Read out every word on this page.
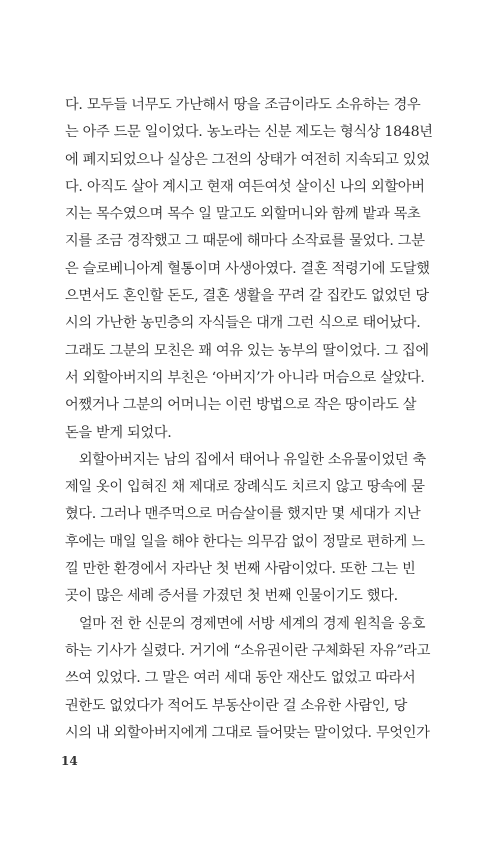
다. 모두들 너무도 가난해서 땅을 조금이라도 소유하는 경우
는 아주 드문 일이었다. 농노라는 신분 제도는 형식상 1848년
에 폐지되었으나 실상은 그전의 상태가 여전히 지속되고 있었
다. 아직도 살아 계시고 현재 여든여섯 살이신 나의 외할아버
지는 목수였으며 목수 일 말고도 외할머니와 함께 밭과 목초
지를 조금 경작했고 그 때문에 해마다 소작료를 물었다. 그분
은 슬로베니아계 혈통이며 사생아였다. 결혼 적령기에 도달했
으면서도 혼인할 돈도, 결혼 생활을 꾸려 갈 집칸도 없었던 당
시의 가난한 농민층의 자식들은 대개 그런 식으로 태어났다.
그래도 그분의 모친은 꽤 여유 있는 농부의 딸이었다. 그 집에
서 외할아버지의 부친은 ‘아버지’가 아니라 머슴으로 살았다.
어쨌거나 그분의 어머니는 이런 방법으로 작은 땅이라도 살
돈을 받게 되었다.
　외할아버지는 남의 집에서 태어나 유일한 소유물이었던 축
제일 옷이 입혀진 채 제대로 장례식도 치르지 않고 땅속에 묻
혔다. 그러나 맨주먹으로 머슴살이를 했지만 몇 세대가 지난
후에는 매일 일을 해야 한다는 의무감 없이 정말로 편하게 느
낄 만한 환경에서 자라난 첫 번째 사람이었다. 또한 그는 빈
곳이 많은 세례 증서를 가졌던 첫 번째 인물이기도 했다.
　얼마 전 한 신문의 경제면에 서방 세계의 경제 원칙을 옹호
하는 기사가 실렸다. 거기에 “소유권이란 구체화된 자유”라고
쓰여 있었다. 그 말은 여러 세대 동안 재산도 없었고 따라서
권한도 없었다가 적어도 부동산이란 걸 소유한 사람인, 당
시의 내 외할아버지에게 그대로 들어맞는 말이었다. 무엇인가
14
